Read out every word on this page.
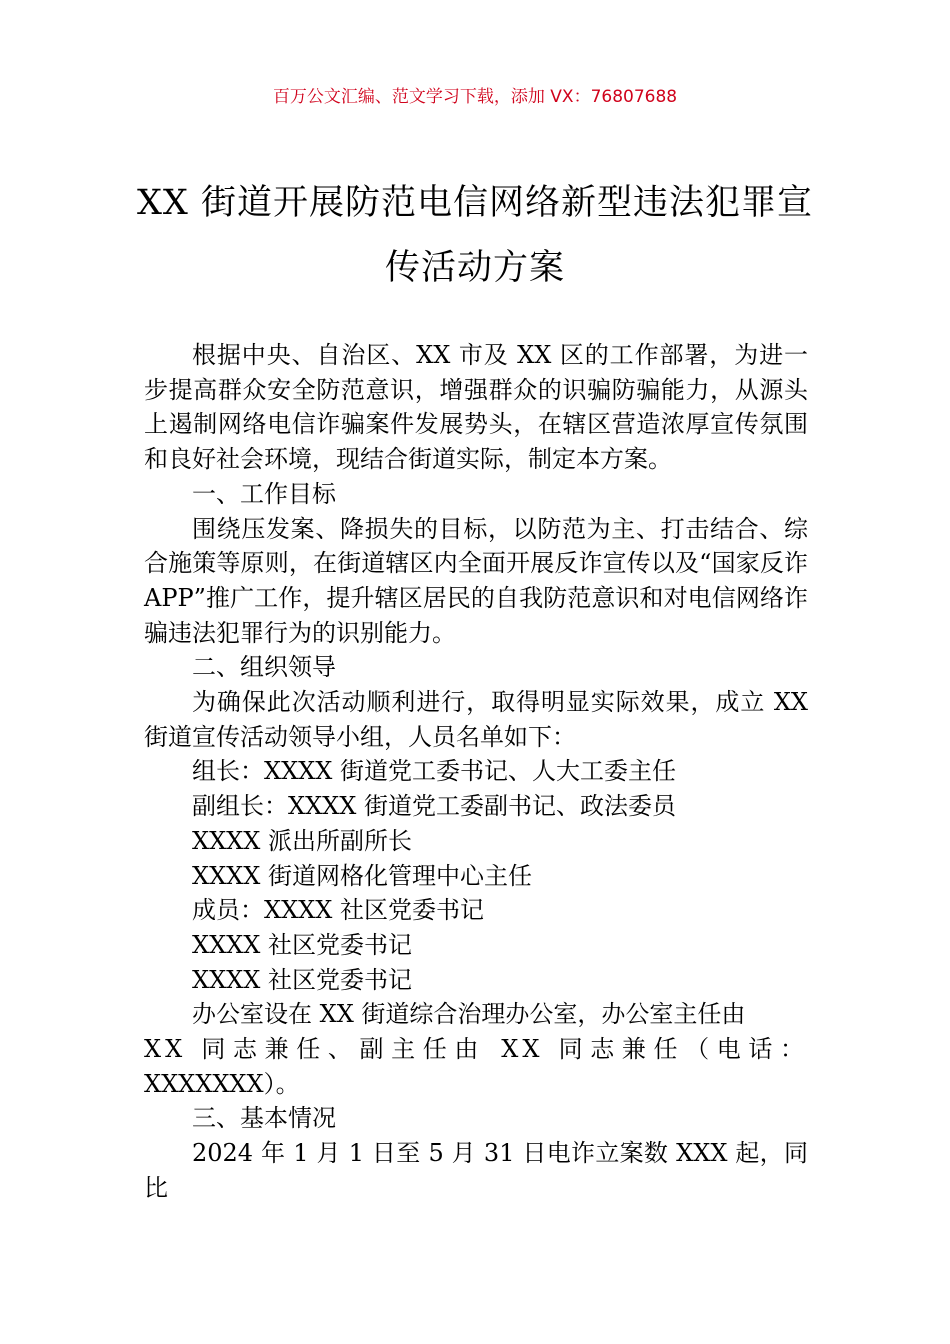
百万公文汇编、范文学习下载，添加 VX：76807688
XX 街道开展防范电信网络新型违法犯罪宣
传活动方案

根据中央、自治区、XX 市及 XX 区的工作部署，为进一步提高群众安全防范意识，增强群众的识骗防骗能力，从源头上遏制网络电信诈骗案件发展势头，在辖区营造浓厚宣传氛围和良好社会环境，现结合街道实际，制定本方案。

一、工作目标

围绕压发案、降损失的目标，以防范为主、打击结合、综合施策等原则，在街道辖区内全面开展反诈宣传以及“国家反诈 APP”推广工作，提升辖区居民的自我防范意识和对电信网络诈骗违法犯罪行为的识别能力。

二、组织领导

为确保此次活动顺利进行，取得明显实际效果，成立 XX 街道宣传活动领导小组，人员名单如下：

组长：XXXX 街道党工委书记、人大工委主任

副组长：XXXX 街道党工委副书记、政法委员

XXXX 派出所副所长

XXXX 街道网格化管理中心主任

成员：XXXX 社区党委书记

XXXX 社区党委书记

XXXX 社区党委书记

办公室设在 XX 街道综合治理办公室，办公室主任由

XX 同志兼任、副主任由 XX 同志兼任（电话：

XXXXXXX）。

三、基本情况

2024 年 1 月 1 日至 5 月 31 日电诈立案数 XXX 起，同比
